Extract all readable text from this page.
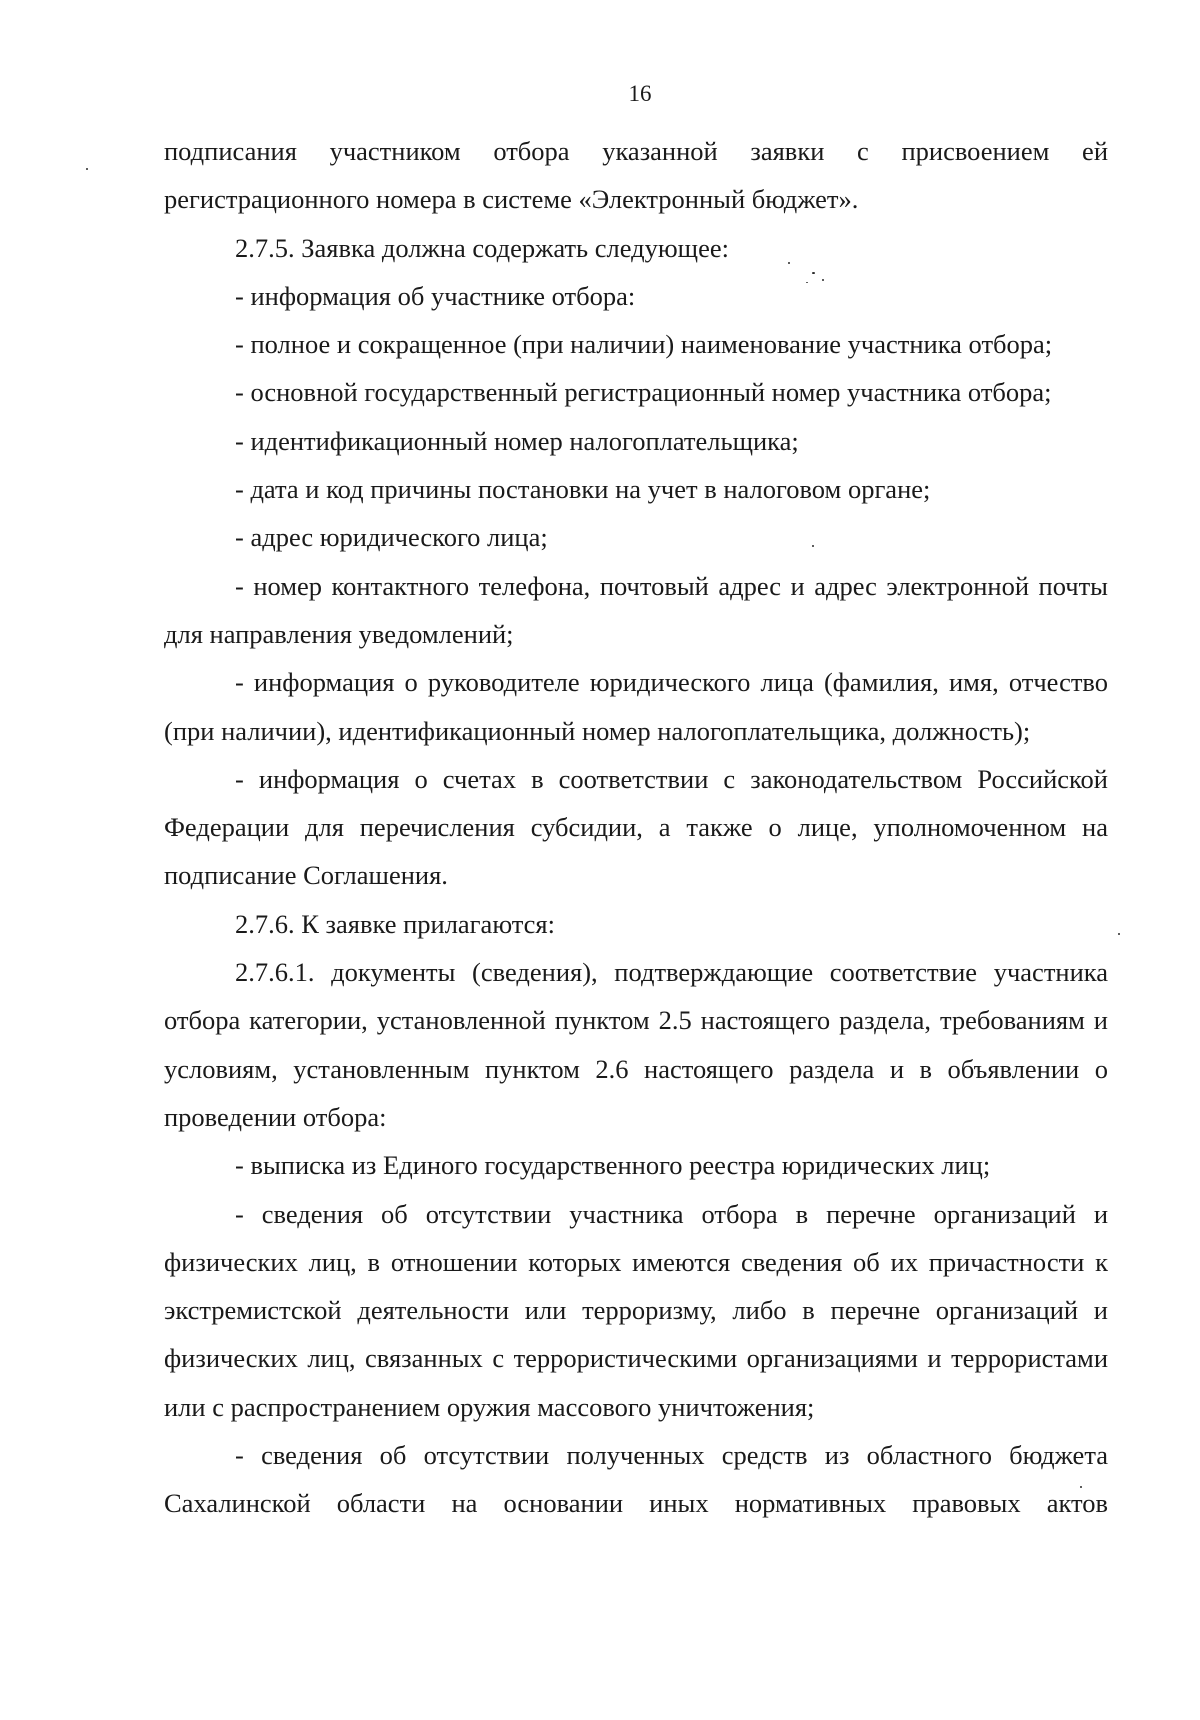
16

подписания участником отбора указанной заявки с присвоением ей регистрационного номера в системе «Электронный бюджет».

2.7.5. Заявка должна содержать следующее:

- информация об участнике отбора:

- полное и сокращенное (при наличии) наименование участника отбора;

- основной государственный регистрационный номер участника отбора;

- идентификационный номер налогоплательщика;

- дата и код причины постановки на учет в налоговом органе;

- адрес юридического лица;

- номер контактного телефона, почтовый адрес и адрес электронной почты для направления уведомлений;

- информация о руководителе юридического лица (фамилия, имя, отчество (при наличии), идентификационный номер налогоплательщика, должность);

- информация о счетах в соответствии с законодательством Российской Федерации для перечисления субсидии, а также о лице, уполномоченном на подписание Соглашения.

2.7.6. К заявке прилагаются:

2.7.6.1. документы (сведения), подтверждающие соответствие участника отбора категории, установленной пунктом 2.5 настоящего раздела, требованиям и условиям, установленным пунктом 2.6 настоящего раздела и в объявлении о проведении отбора:

- выписка из Единого государственного реестра юридических лиц;

- сведения об отсутствии участника отбора в перечне организаций и физических лиц, в отношении которых имеются сведения об их причастности к экстремистской деятельности или терроризму, либо в перечне организаций и физических лиц, связанных с террористическими организациями и террористами или с распространением оружия массового уничтожения;

- сведения об отсутствии полученных средств из областного бюджета Сахалинской области на основании иных нормативных правовых актов
